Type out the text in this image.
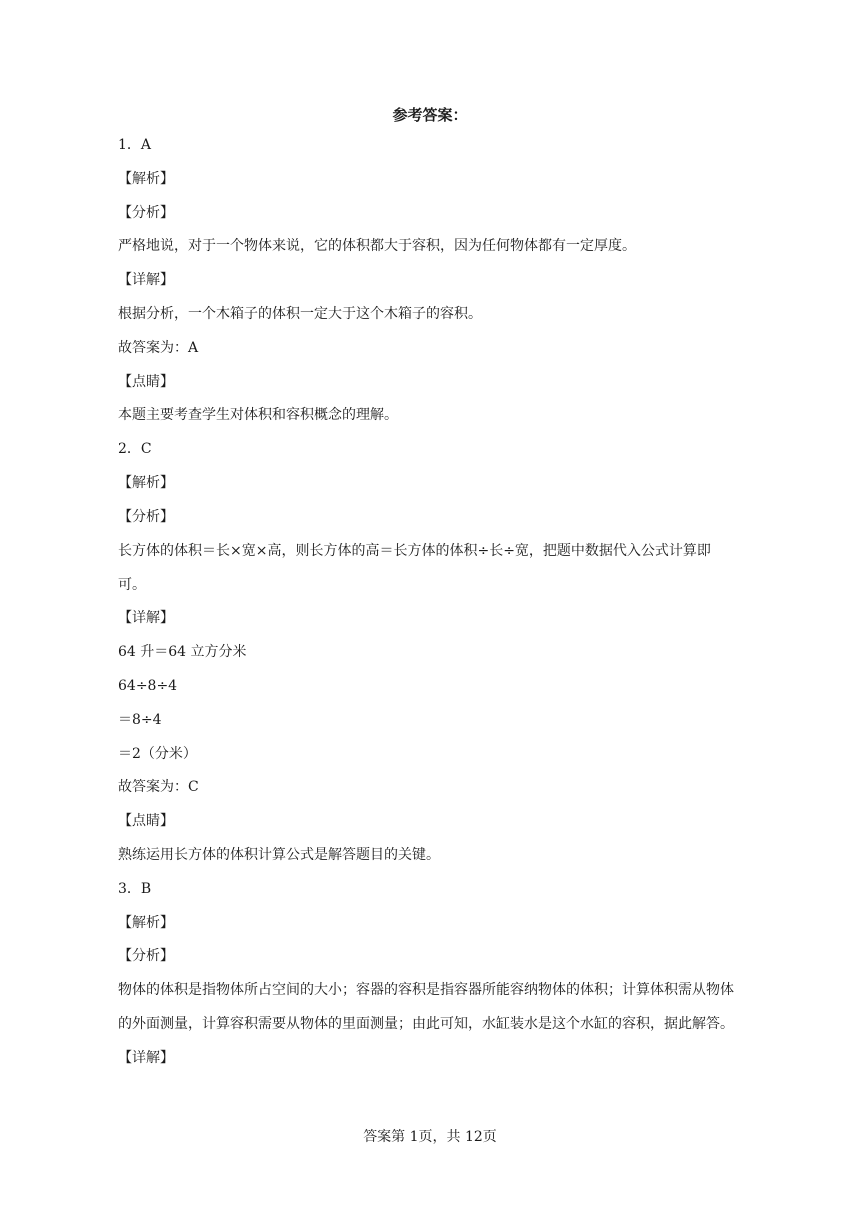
参考答案：
1．A
【解析】
【分析】
严格地说，对于一个物体来说，它的体积都大于容积，因为任何物体都有一定厚度。
【详解】
根据分析，一个木箱子的体积一定大于这个木箱子的容积。
故答案为：A
【点睛】
本题主要考查学生对体积和容积概念的理解。
2．C
【解析】
【分析】
长方体的体积＝长×宽×高，则长方体的高＝长方体的体积÷长÷宽，把题中数据代入公式计算即可。
【详解】
64 升＝64 立方分米
64÷8÷4
＝8÷4
＝2（分米）
故答案为：C
【点睛】
熟练运用长方体的体积计算公式是解答题目的关键。
3．B
【解析】
【分析】
物体的体积是指物体所占空间的大小；容器的容积是指容器所能容纳物体的体积；计算体积需从物体的外面测量，计算容积需要从物体的里面测量；由此可知，水缸装水是这个水缸的容积，据此解答。
【详解】
答案第 1页，共 12页
